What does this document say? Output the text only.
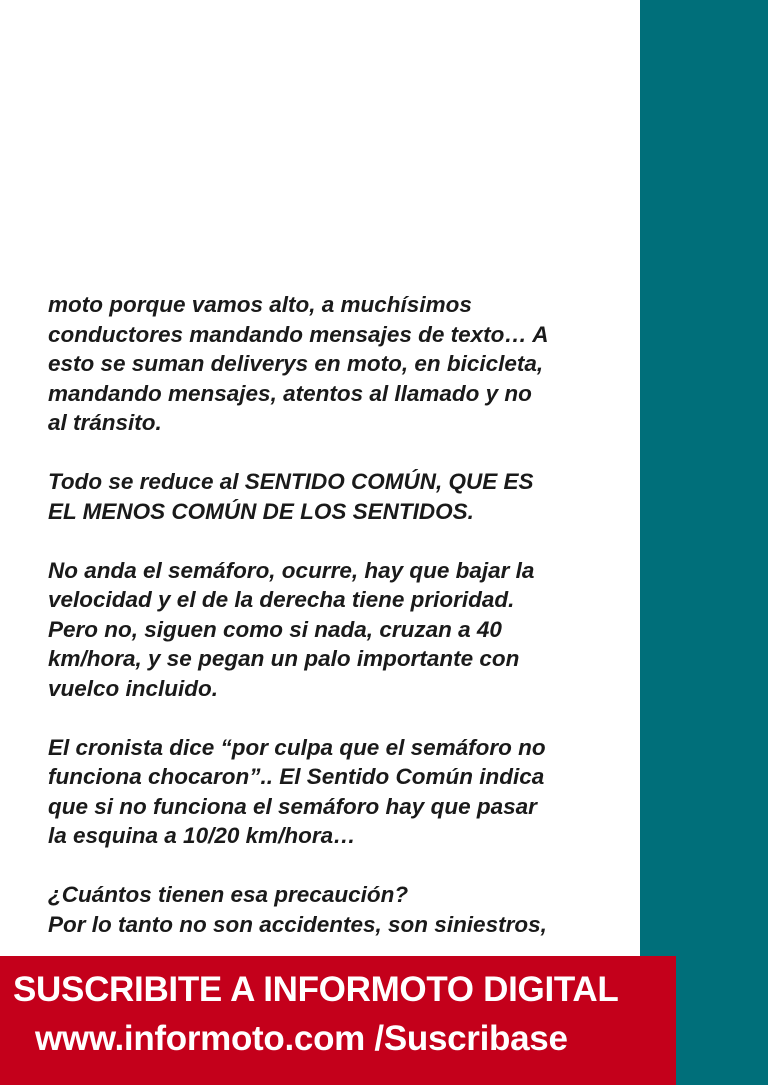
moto porque vamos alto, a muchísimos
conductores mandando mensajes de texto… A
esto se suman deliverys en moto, en bicicleta,
mandando mensajes, atentos al llamado y no
al tránsito.

Todo se reduce al SENTIDO COMÚN, QUE ES
EL MENOS COMÚN DE LOS SENTIDOS.

No anda el semáforo, ocurre, hay que bajar la
velocidad y el de la derecha tiene prioridad.
Pero no, siguen como si nada, cruzan a 40
km/hora, y se pegan un palo importante con
vuelco incluido.

El cronista dice “por culpa que el semáforo no
funciona chocaron”.. El Sentido Común indica
que si no funciona el semáforo hay que pasar
la esquina a 10/20 km/hora…

¿Cuántos tienen esa precaución?
Por lo tanto no son accidentes, son siniestros,

SUSCRIBITE A INFORMOTO DIGITAL
www.informoto.com /Suscribase
